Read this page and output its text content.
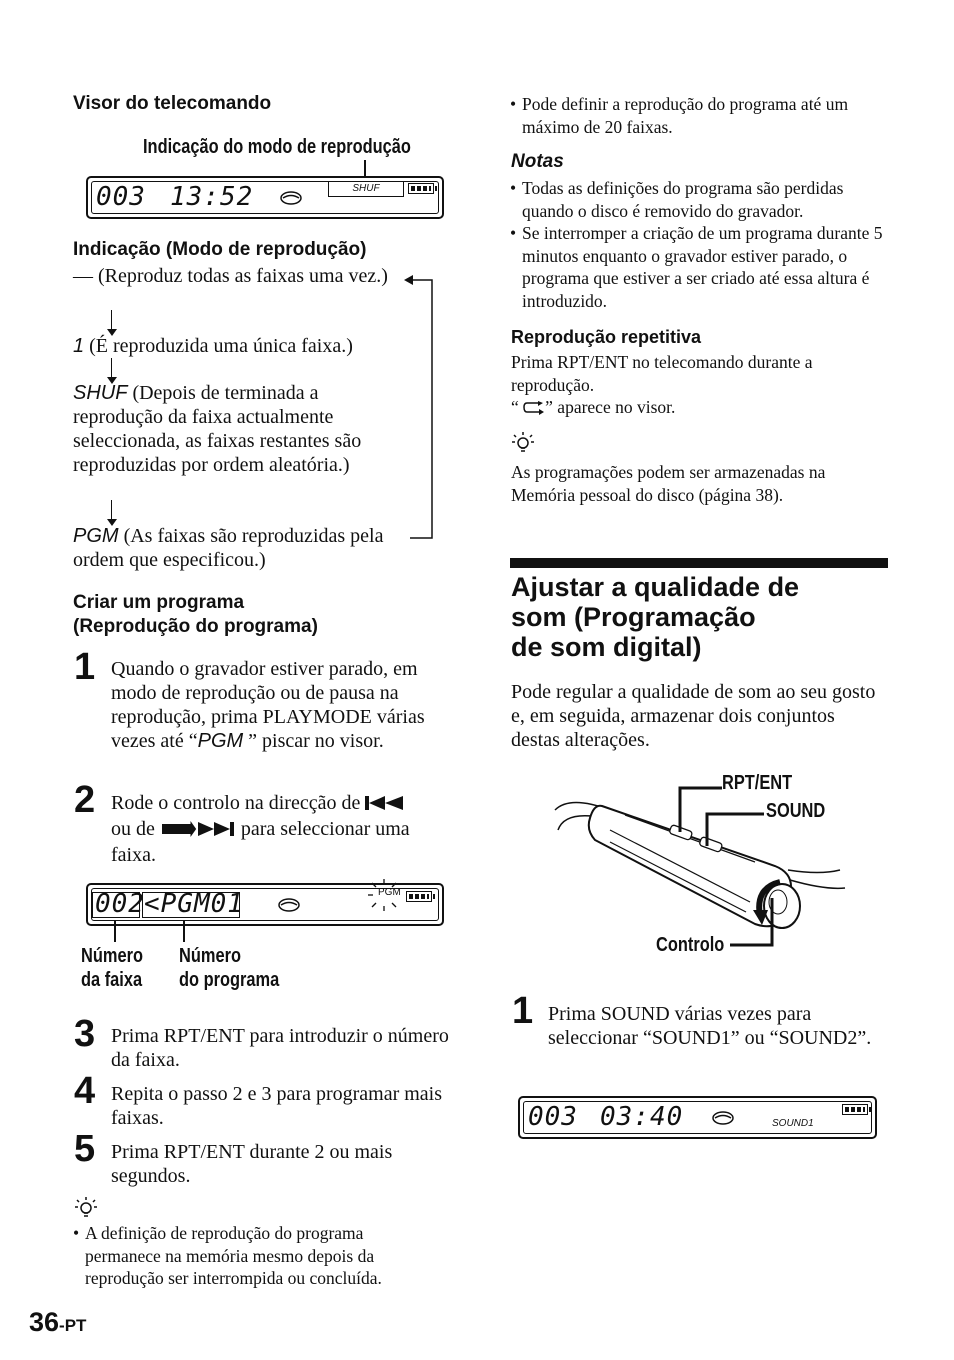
Visor do telecomando
Indicação do modo de reprodução
003 13:52	SHUF
Indicação (Modo de reprodução)
— (Reproduz todas as faixas uma vez.)
1 (É reproduzida uma única faixa.)
SHUF (Depois de terminada a reprodução da faixa actualmente seleccionada, as faixas restantes são reproduzidas por ordem aleatória.)
PGM (As faixas são reproduzidas pela ordem que especificou.)
Criar um programa
(Reprodução do programa)
1 Quando o gravador estiver parado, em modo de reprodução ou de pausa na reprodução, prima PLAYMODE várias vezes até “PGM ” piscar no visor.
2 Rode o controlo na direcção de
ou de	para seleccionar uma
faixa.
002 <PGM01	PGM
Número
da faixa
Número
do programa
3 Prima RPT/ENT para introduzir o número da faixa.
4 Repita o passo 2 e 3 para programar mais faixas.
5 Prima RPT/ENT durante 2 ou mais segundos.
• A definição de reprodução do programa permanece na memória mesmo depois da reprodução ser interrompida ou concluída.
36-PT
• Pode definir a reprodução do programa até um máximo de 20 faixas.
Notas
• Todas as definições do programa são perdidas quando o disco é removido do gravador.
• Se interromper a criação de um programa durante 5 minutos enquanto o gravador estiver parado, o programa que estiver a ser criado até essa altura é introduzido.
Reprodução repetitiva
Prima RPT/ENT no telecomando durante a reprodução.
“ ” aparece no visor.
As programações podem ser armazenadas na Memória pessoal do disco (página 38).
Ajustar a qualidade de
som (Programação
de som digital)
Pode regular a qualidade de som ao seu gosto e, em seguida, armazenar dois conjuntos destas alterações.
RPT/ENT
SOUND
Controlo
1 Prima SOUND várias vezes para seleccionar “SOUND1” ou “SOUND2”.
003 03:40	SOUND1
